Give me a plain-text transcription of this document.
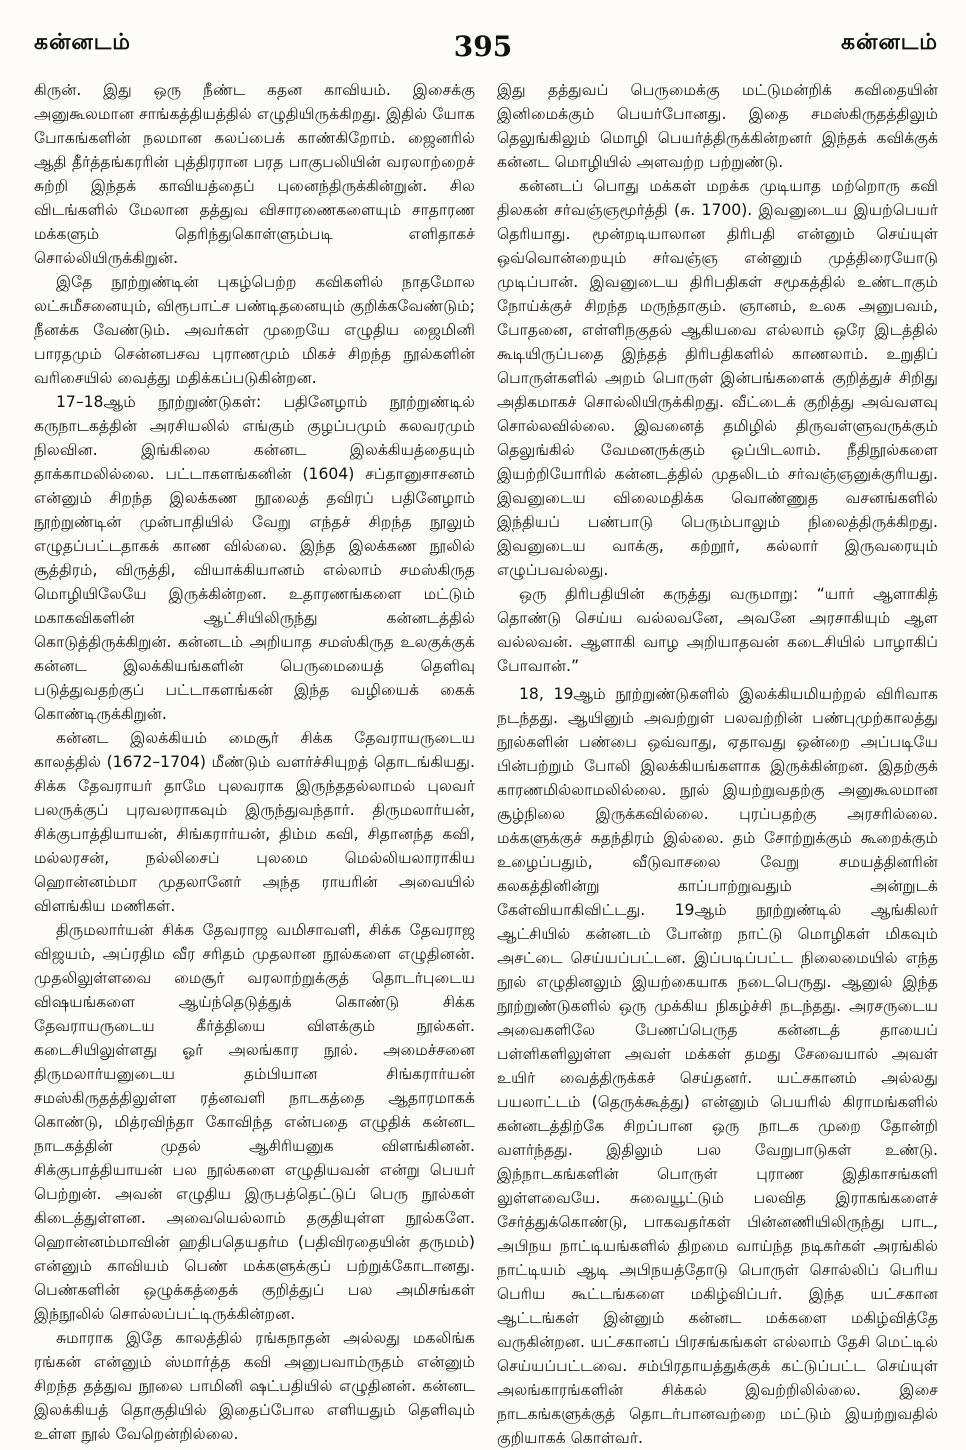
கன்னடம்	கன்னடம்
395

கிருன். இது ஒரு நீண்ட கதன காவியம். இசைக்கு அனுகூலமான சாங்கத்தியத்தில் எழுதியிருக்கிறது. இதில் யோக போகங்களின் நலமான கலப்பைக் காண்கிறோம். ஜைனரில் ஆதி தீர்த்தங்கரரின் புத்திரரான பரத பாகுபலியின் வரலாற்றைச் சுற்றி இந்தக் காவியத்தைப் புனைந்திருக்கின்றுன். சில விடங்களில் மேலான தத்துவ விசாரணைகளையும் சாதாரண மக்களும் தெரிந்துகொள்ளும்படி எளிதாகச் சொல்லியிருக்கிறுன்.

இதே நூற்றுண்டின் புகழ்பெற்ற கவிகளில் நாதமோல லட்சுமீசனையும், விரூபாட்ச பண்டிதனையும் குறிக்கவேண்டும்; நீனக்க வேண்டும். அவர்கள் முறையே எழுதிய ஜைமினி பாரதமும் சென்னபசவ புராணமும் மிகச் சிறந்த நூல்களின் வரிசையில் வைத்து மதிக்கப்படுகின்றன.

17–18ஆம் நூற்றுண்டுகள்: பதினேழாம் நூற்றுண்டில் கருநாடகத்தின் அரசியலில் எங்கும் குழப்பமும் கலவரமும் நிலவின. இங்கிலை கன்னட இலக்கியத்தையும் தாக்காமலில்லை. பட்டாகளங்கனின் (1604) சப்தானுசாசனம் என்னும் சிறந்த இலக்கண நூலைத் தவிரப் பதினேழாம் நூற்றுண்டின் முன்பாதியில் வேறு எந்தச் சிறந்த நூலும் எழுதப்பட்டதாகக் காண வில்லை. இந்த இலக்கண நூலில் சூத்திரம், விருத்தி, வியாக்கியானம் எல்லாம் சமஸ்கிருத மொழியிலேயே இருக்கின்றன. உதாரணங்களை மட்டும் மகாகவிகளின் ஆட்சியிலிருந்து கன்னடத்தில் கொடுத்திருக்கிறுன். கன்னடம் அறியாத சமஸ்கிருத உலகுக்குக் கன்னட இலக்கியங்களின் பெருமையைத் தெளிவு படுத்துவதற்குப் பட்டாகளங்கன் இந்த வழியைக் கைக் கொண்டிருக்கிறுன்.

கன்னட இலக்கியம் மைசூர் சிக்க தேவராயருடைய காலத்தில் (1672–1704) மீண்டும் வளர்ச்சியுறத் தொடங்கியது. சிக்க தேவராயர் தாமே புலவராக இருந்ததல்லாமல் புலவர் பலருக்குப் புரவலராகவும் இருந்துவந்தார். திருமலார்யன், சிக்குபாத்தியாயன், சிங்கரார்யன், திம்ம கவி, சிதானந்த கவி, மல்லரசன், நல்லிசைப் புலமை மெல்லியலாராகிய ஹொன்னம்மா முதலானேர் அந்த ராயரின் அவையில் விளங்கிய மணிகள்.

திருமலார்யன் சிக்க தேவராஜ வமிசாவளி, சிக்க தேவராஜ விஜயம், அப்ரதிம வீர சரிதம் முதலான நூல்களை எழுதினன். முதலிலுள்ளவை மைசூர் வரலாற்றுக்குத் தொடர்புடைய விஷயங்களை ஆய்ந்தெடுத்துக் கொண்டு சிக்க தேவராயருடைய கீர்த்தியை விளக்கும் நூல்கள். கடைசியிலுள்ளது ஓர் அலங்கார நூல். அமைச்சனை திருமலார்யனுடைய தம்பியான சிங்கரார்யன் சமஸ்கிருதத்திலுள்ள ரத்னவளி நாடகத்தை ஆதாரமாகக் கொண்டு, மித்ரவிந்தா கோவிந்த என்பதை எழுதிக் கன்னட நாடகத்தின் முதல் ஆசிரியனுக விளங்கினன். சிக்குபாத்தியாயன் பல நூல்களை எழுதியவன் என்று பெயர் பெற்றுன். அவன் எழுதிய இருபத்தெட்டுப் பெரு நூல்கள் கிடைத்துள்ளன. அவையெல்லாம் தகுதியுள்ள நூல்களே. ஹொன்னம்மாவின் ஹதிபதெயதர்ம (பதிவிரதையின் தருமம்) என்னும் காவியம் பெண் மக்களுக்குப் பற்றுக்கோடானது. பெண்களின் ஒழுக்கத்தைக் குறித்துப் பல அமிசங்கள் இந்நூலில் சொல்லப்பட்டிருக்கின்றன.

சுமாராக இதே காலத்தில் ரங்கநாதன் அல்லது மகலிங்க ரங்கன் என்னும் ஸ்மார்த்த கவி அனுபவாம்ருதம் என்னும் சிறந்த தத்துவ நூலை பாமினி ஷட்பதியில் எழுதினன். கன்னட இலக்கியத் தொகுதியில் இதைப்போல எளியதும் தெளிவும் உள்ள நூல் வேறென்றில்லை.

இது தத்துவப் பெருமைக்கு மட்டுமன்றிக் கவிதையின் இனிமைக்கும் பெயர்போனது. இதை சமஸ்கிருதத்திலும் தெலுங்கிலும் மொழி பெயர்த்திருக்கின்றனர் இந்தக் கவிக்குக் கன்னட மொழியில் அளவற்ற பற்றுண்டு.

கன்னடப் பொது மக்கள் மறக்க முடியாத மற்றொரு கவி திலகன் சர்வஞ்ஞமூர்த்தி (சு. 1700). இவனுடைய இயற்பெயர் தெரியாது. மூன்றடியாலான திரிபதி என்னும் செய்யுள் ஒவ்வொன்றையும் சர்வஞ்ஞ என்னும் முத்திரையோடு முடிப்பான். இவனுடைய திரிபதிகள் சமூகத்தில் உண்டாகும் நோய்க்குச் சிறந்த மருந்தாகும். ஞானம், உலக அனுபவம், போதனை, எள்ளிநகுதல் ஆகியவை எல்லாம் ஒரே இடத்தில் கூடியிருப்பதை இந்தத் திரிபதிகளில் காணலாம். உறுதிப் பொருள்களில் அறம் பொருள் இன்பங்களைக் குறித்துச் சிறிது அதிகமாகச் சொல்லியிருக்கிறது. வீட்டைக் குறித்து அவ்வளவு சொல்லவில்லை. இவனைத் தமிழில் திருவள்ளுவருக்கும் தெலுங்கில் வேமனருக்கும் ஒப்பிடலாம். நீதிநூல்களை இயற்றியோரில் கன்னடத்தில் முதலிடம் சர்வஞ்ஞனுக்குரியது. இவனுடைய விலைமதிக்க வொண்ணுத வசனங்களில் இந்தியப் பண்பாடு பெரும்பாலும் நிலைத்திருக்கிறது. இவனுடைய வாக்கு, கற்றூர், கல்லார் இருவரையும் எழுப்பவல்லது.

ஒரு திரிபதியின் கருத்து வருமாறு: “யார் ஆளாகித் தொண்டு செய்ய வல்லவனே, அவனே அரசாகியும் ஆள வல்லவன். ஆளாகி வாழ அறியாதவன் கடைசியில் பாழாகிப் போவான்.”

18, 19ஆம் நூற்றுண்டுகளில் இலக்கியமியற்றல் விரிவாக நடந்தது. ஆயினும் அவற்றுள் பலவற்றின் பண்புமுற்காலத்து நூல்களின் பண்பை ஒவ்வாது, ஏதாவது ஒன்றை அப்படியே பின்பற்றும் போலி இலக்கியங்களாக இருக்கின்றன. இதற்குக் காரணமில்லாமலில்லை. நூல் இயற்றுவதற்கு அனுகூலமான சூழ்நிலை இருக்கவில்லை. புரப்பதற்கு அரசரில்லை. மக்களுக்குச் சுதந்திரம் இல்லை. தம் சோற்றுக்கும் கூறைக்கும் உழைப்பதும், வீடுவாசலை வேறு சமயத்தினரின் கலகத்தினின்று காப்பாற்றுவதும் அன்றுடக் கேள்வியாகிவிட்டது. 19ஆம் நூற்றுண்டில் ஆங்கிலர் ஆட்சியில் கன்னடம் போன்ற நாட்டு மொழிகள் மிகவும் அசட்டை செய்யப்பட்டன. இப்படிப்பட்ட நிலைமையில் எந்த நூல் எழுதினலும் இயற்கையாக நடைபெருது. ஆனுல் இந்த நூற்றுண்டுகளில் ஒரு முக்கிய நிகழ்ச்சி நடந்தது. அரசருடைய அவைகளிலே பேணப்பெருத கன்னடத் தாயைப் பள்ளிகளிலுள்ள அவள் மக்கள் தமது சேவையால் அவள் உயிர் வைத்திருக்கச் செய்தனர். யட்சகானம் அல்லது பயலாட்டம் (தெருக்கூத்து) என்னும் பெயரில் கிராமங்களில் கன்னடத்திற்கே சிறப்பான ஒரு நாடக முறை தோன்றி வளர்ந்தது. இதிலும் பல வேறுபாடுகள் உண்டு. இந்நாடகங்களின் பொருள் புராண இதிகாசங்களி லுள்ளவையே. சுவையூட்டும் பலவித இராகங்களைச் சேர்த்துக்கொண்டு, பாகவதர்கள் பின்னணியிலிருந்து பாட, அபிநய நாட்டியங்களில் திறமை வாய்ந்த நடிகர்கள் அரங்கில் நாட்டியம் ஆடி அபிநயத்தோடு பொருள் சொல்லிப் பெரிய பெரிய கூட்டங்களை மகிழ்விப்பர். இந்த யட்சகான ஆட்டங்கள் இன்னும் கன்னட மக்களை மகிழ்வித்தே வருகின்றன. யட்சகானப் பிரசங்கங்கள் எல்லாம் தேசி மெட்டில் செய்யப்பட்டவை. சம்பிரதாயத்துக்குக் கட்டுப்பட்ட செய்யுள் அலங்காரங்களின் சிக்கல் இவற்றிலில்லை. இசை நாடகங்களுக்குத் தொடர்பானவற்றை மட்டும் இயற்றுவதில் குறியாகக் கொள்வர்.
